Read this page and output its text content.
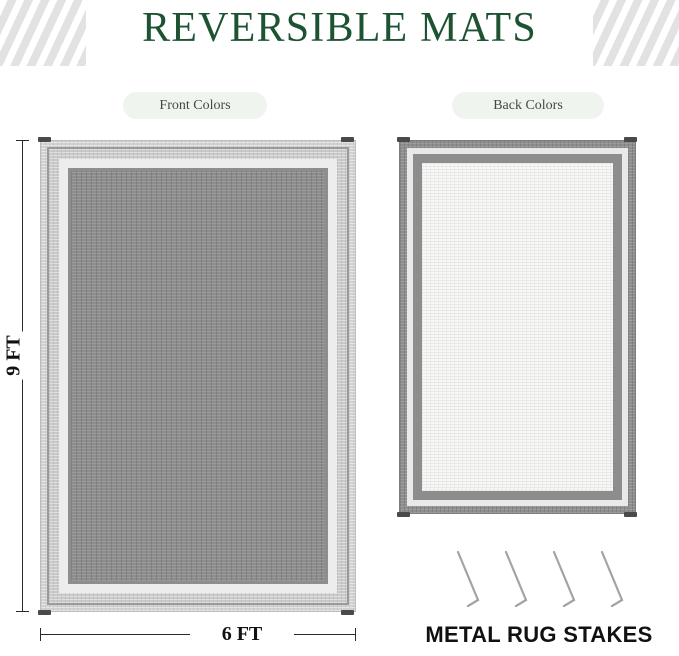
REVERSIBLE MATS
Front Colors	Back Colors
9 FT
6 FT	METAL RUG STAKES
